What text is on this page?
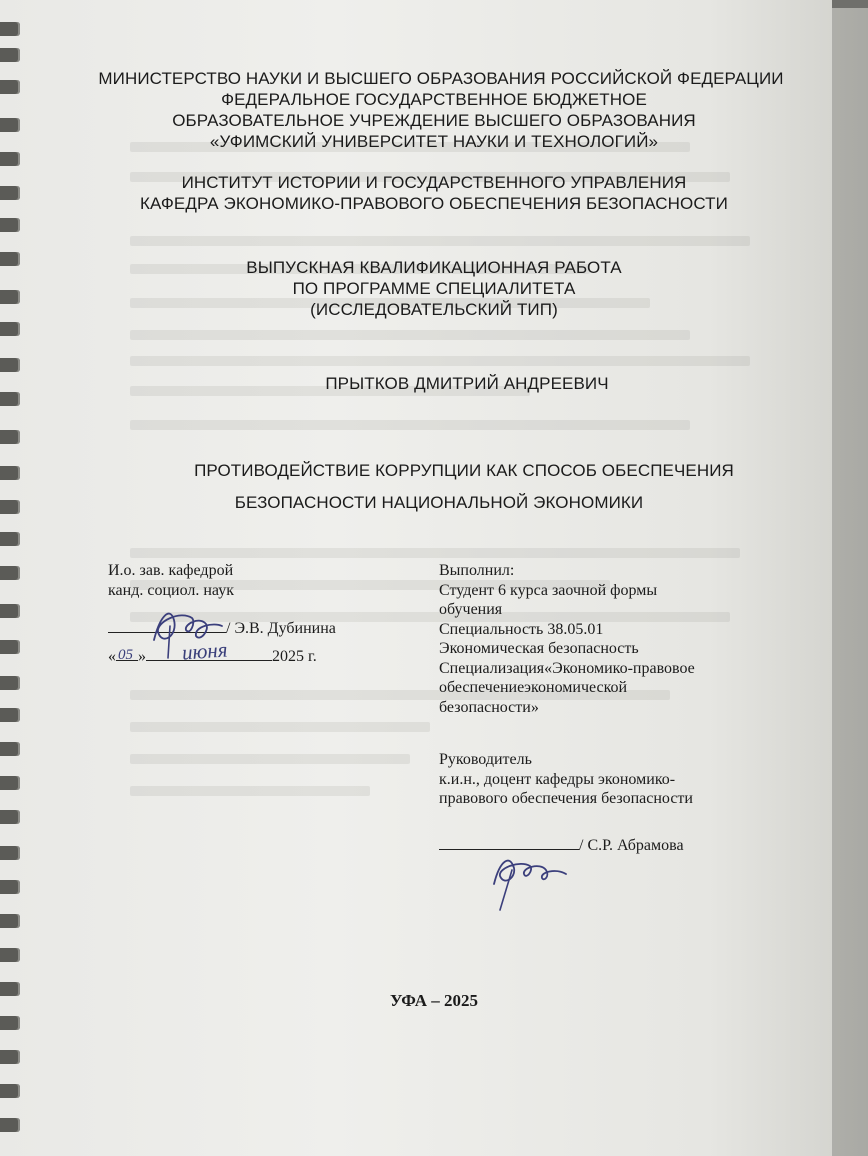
МИНИСТЕРСТВО НАУКИ И ВЫСШЕГО ОБРАЗОВАНИЯ РОССИЙСКОЙ ФЕДЕРАЦИИ
ФЕДЕРАЛЬНОЕ ГОСУДАРСТВЕННОЕ БЮДЖЕТНОЕ
ОБРАЗОВАТЕЛЬНОЕ УЧРЕЖДЕНИЕ ВЫСШЕГО ОБРАЗОВАНИЯ
«УФИМСКИЙ УНИВЕРСИТЕТ НАУКИ И ТЕХНОЛОГИЙ»
ИНСТИТУТ ИСТОРИИ И ГОСУДАРСТВЕННОГО УПРАВЛЕНИЯ
КАФЕДРА ЭКОНОМИКО-ПРАВОВОГО ОБЕСПЕЧЕНИЯ БЕЗОПАСНОСТИ
ВЫПУСКНАЯ КВАЛИФИКАЦИОННАЯ РАБОТА
ПО ПРОГРАММЕ СПЕЦИАЛИТЕТА
(ИССЛЕДОВАТЕЛЬСКИЙ ТИП)
ПРЫТКОВ ДМИТРИЙ АНДРЕЕВИЧ
ПРОТИВОДЕЙСТВИЕ КОРРУПЦИИ КАК СПОСОБ ОБЕСПЕЧЕНИЯ
БЕЗОПАСНОСТИ НАЦИОНАЛЬНОЙ ЭКОНОМИКИ
И.о. зав. кафедрой
канд. социол. наук
/ Э.В. Дубинина
« 05 » июня	2025 г.
Выполнил:
Студент 6 курса заочной формы
обучения
Специальность 38.05.01
Экономическая безопасность
Специализация«Экономико-правовое
обеспечениеэкономической
безопасности»
Руководитель
к.и.н., доцент кафедры экономико-
правового обеспечения безопасности
/ С.Р. Абрамова
УФА – 2025
